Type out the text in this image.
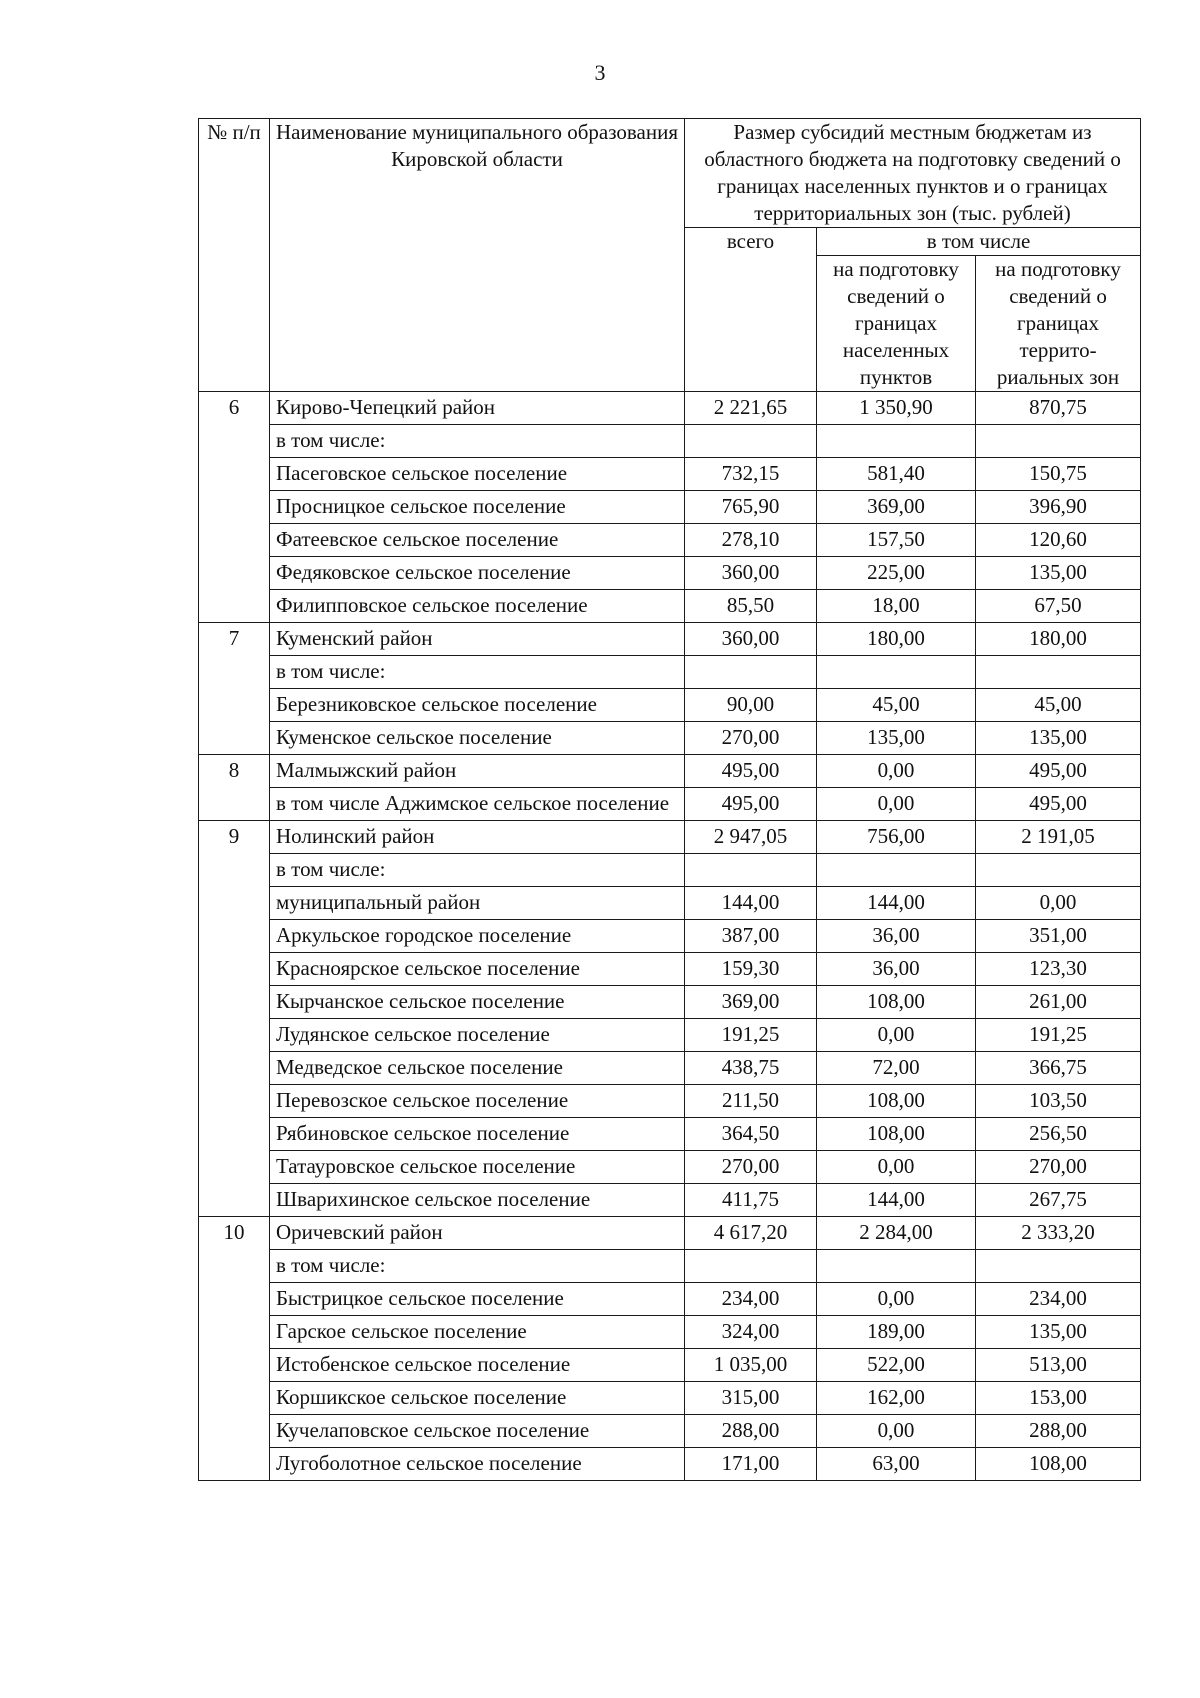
3
№ п/п	Наименование муниципального образования Кировской области	Размер субсидий местным бюджетам из областного бюджета на подготовку сведений о границах населенных пунктов и о границах территориальных зон (тыс. рублей)		
		всего	в том числе	
			на подготовку сведений о границах населенных пунктов	на подготовку сведений о границах террито-риальных зон
6	Кирово-Чепецкий район	2 221,65	1 350,90	870,75
	в том числе:			
	Пасеговское сельское поселение	732,15	581,40	150,75
	Просницкое сельское поселение	765,90	369,00	396,90
	Фатеевское сельское поселение	278,10	157,50	120,60
	Федяковское сельское поселение	360,00	225,00	135,00
	Филипповское сельское поселение	85,50	18,00	67,50
7	Куменский район	360,00	180,00	180,00
	в том числе:			
	Березниковское сельское поселение	90,00	45,00	45,00
	Куменское сельское поселение	270,00	135,00	135,00
8	Малмыжский район	495,00	0,00	495,00
	в том числе Аджимское сельское поселение	495,00	0,00	495,00
9	Нолинский район	2 947,05	756,00	2 191,05
	в том числе:			
	муниципальный район	144,00	144,00	0,00
	Аркульское городское поселение	387,00	36,00	351,00
	Красноярское сельское поселение	159,30	36,00	123,30
	Кырчанское сельское поселение	369,00	108,00	261,00
	Лудянское сельское поселение	191,25	0,00	191,25
	Медведское сельское поселение	438,75	72,00	366,75
	Перевозское сельское поселение	211,50	108,00	103,50
	Рябиновское сельское поселение	364,50	108,00	256,50
	Татауровское сельское поселение	270,00	0,00	270,00
	Шварихинское сельское поселение	411,75	144,00	267,75
10	Оричевский район	4 617,20	2 284,00	2 333,20
	в том числе:			
	Быстрицкое сельское поселение	234,00	0,00	234,00
	Гарское сельское поселение	324,00	189,00	135,00
	Истобенское сельское поселение	1 035,00	522,00	513,00
	Коршикское сельское поселение	315,00	162,00	153,00
	Кучелаповское сельское поселение	288,00	0,00	288,00
	Лугоболотное сельское поселение	171,00	63,00	108,00
